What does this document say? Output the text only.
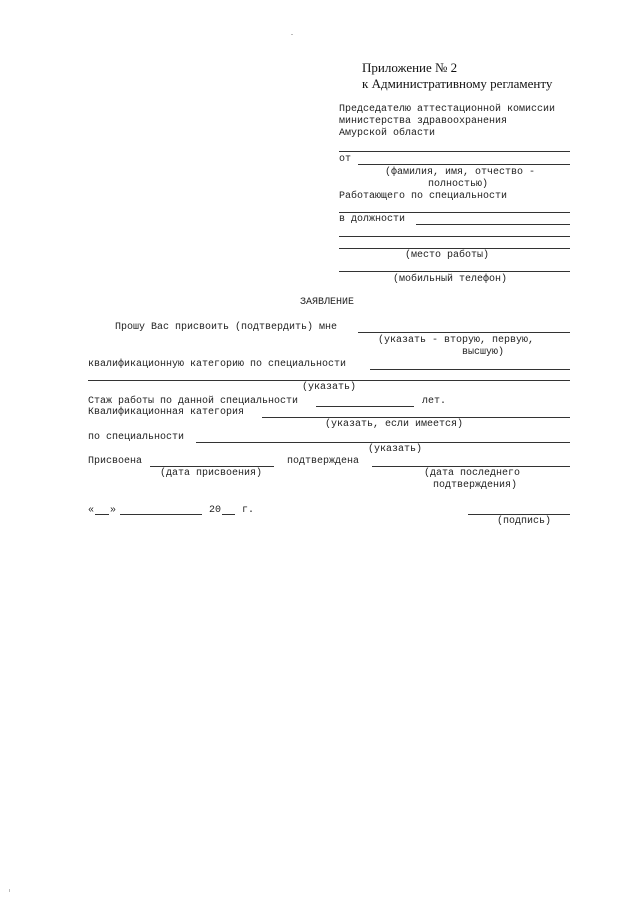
Приложение № 2
к Административному регламенту
Председателю аттестационной комиссии
министерства здравоохранения
Амурской области
от
(фамилия, имя, отчество -
полностью)
Работающего по специальности
в должности
(место работы)
(мобильный телефон)
ЗАЯВЛЕНИЕ
Прошу Вас присвоить (подтвердить) мне
(указать - вторую, первую,
высшую)
квалификационную категорию по специальности
(указать)
Стаж работы по данной специальности	лет.
Квалификационная категория
(указать, если имеется)
по специальности
(указать)
Присвоена	подтверждена
(дата присвоения)	(дата последнего
подтверждения)
« »	20 г.
(подпись)
